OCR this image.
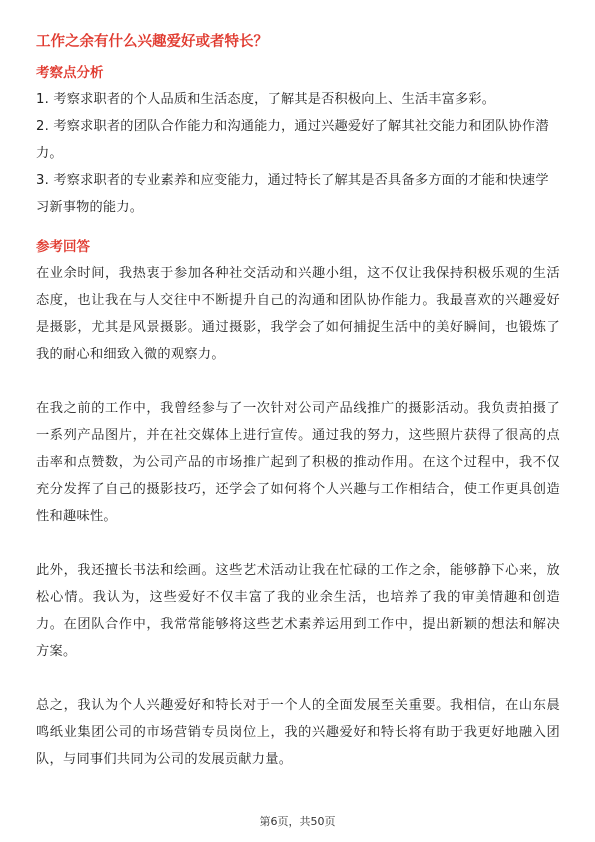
工作之余有什么兴趣爱好或者特长？
考察点分析

1. 考察求职者的个人品质和生活态度，了解其是否积极向上、生活丰富多彩。

2. 考察求职者的团队合作能力和沟通能力，通过兴趣爱好了解其社交能力和团队协作潜力。

3. 考察求职者的专业素养和应变能力，通过特长了解其是否具备多方面的才能和快速学习新事物的能力。

参考回答

在业余时间，我热衷于参加各种社交活动和兴趣小组，这不仅让我保持积极乐观的生活态度，也让我在与人交往中不断提升自己的沟通和团队协作能力。我最喜欢的兴趣爱好是摄影，尤其是风景摄影。通过摄影，我学会了如何捕捉生活中的美好瞬间，也锻炼了我的耐心和细致入微的观察力。

在我之前的工作中，我曾经参与了一次针对公司产品线推广的摄影活动。我负责拍摄了一系列产品图片，并在社交媒体上进行宣传。通过我的努力，这些照片获得了很高的点击率和点赞数，为公司产品的市场推广起到了积极的推动作用。在这个过程中，我不仅充分发挥了自己的摄影技巧，还学会了如何将个人兴趣与工作相结合，使工作更具创造性和趣味性。

此外，我还擅长书法和绘画。这些艺术活动让我在忙碌的工作之余，能够静下心来，放松心情。我认为，这些爱好不仅丰富了我的业余生活，也培养了我的审美情趣和创造力。在团队合作中，我常常能够将这些艺术素养运用到工作中，提出新颖的想法和解决方案。

总之，我认为个人兴趣爱好和特长对于一个人的全面发展至关重要。我相信，在山东晨鸣纸业集团公司的市场营销专员岗位上，我的兴趣爱好和特长将有助于我更好地融入团队，与同事们共同为公司的发展贡献力量。

第6页，共50页
